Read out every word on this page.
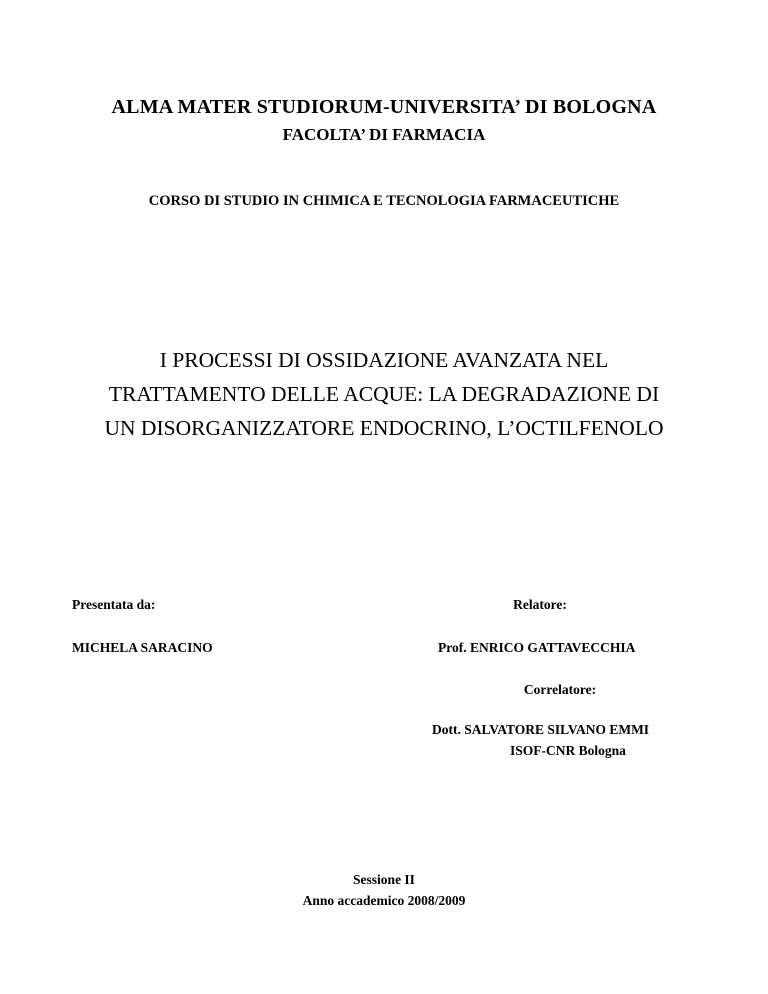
ALMA MATER STUDIORUM-UNIVERSITA’ DI BOLOGNA
FACOLTA’ DI FARMACIA
CORSO DI STUDIO IN CHIMICA E TECNOLOGIA FARMACEUTICHE
I PROCESSI DI OSSIDAZIONE AVANZATA NEL
TRATTAMENTO DELLE ACQUE: LA DEGRADAZIONE DI
UN DISORGANIZZATORE ENDOCRINO, L’OCTILFENOLO
Presentata da:
MICHELA SARACINO
Relatore:
Prof. ENRICO GATTAVECCHIA
Correlatore:
Dott. SALVATORE SILVANO EMMI
ISOF-CNR Bologna
Sessione II
Anno accademico 2008/2009
